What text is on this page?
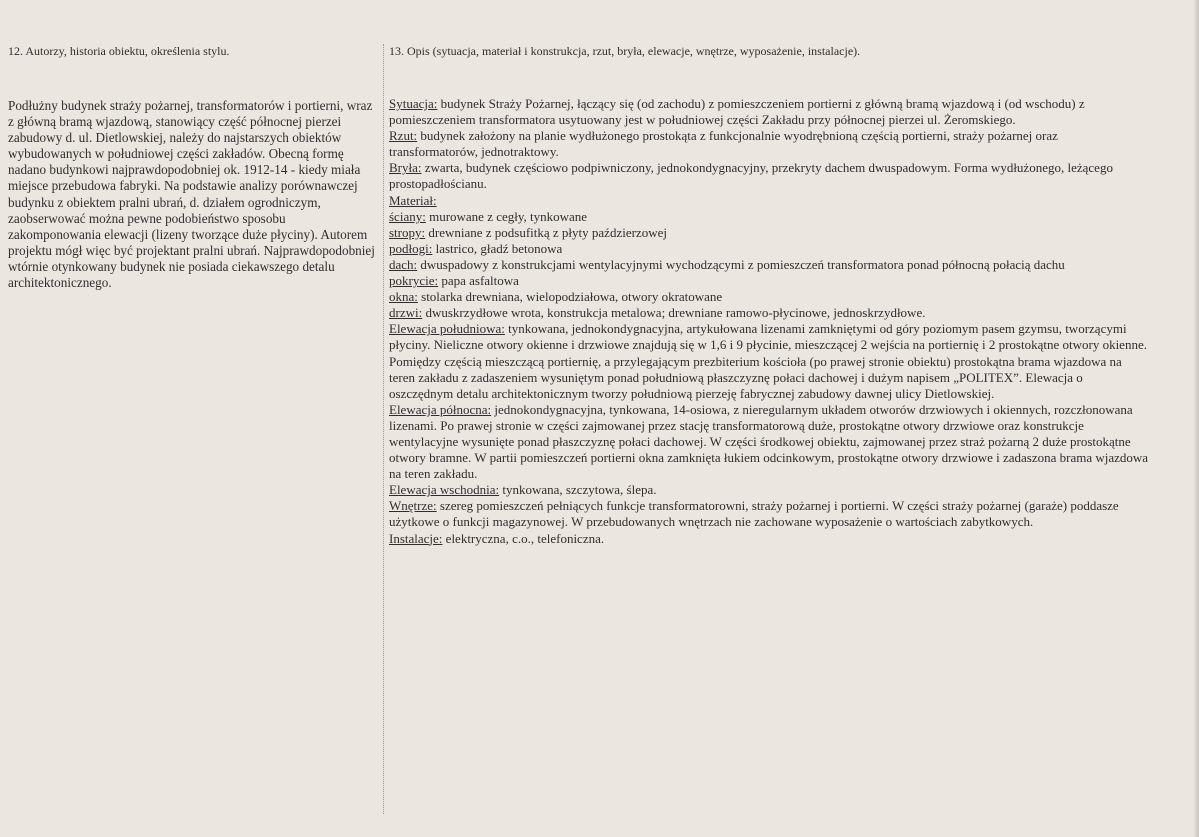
12. Autorzy, historia obiektu, określenia stylu.

Podłużny budynek straży pożarnej, transformatorów i portierni, wraz z główną bramą wjazdową, stanowiący część północnej pierzei zabudowy d. ul. Dietlowskiej, należy do najstarszych obiektów wybudowanych w południowej części zakładów. Obecną formę nadano budynkowi najprawdopodobniej ok. 1912-14 - kiedy miała miejsce przebudowa fabryki. Na podstawie analizy porównawczej budynku z obiektem pralni ubrań, d. działem ogrodniczym, zaobserwować można pewne podobieństwo sposobu zakomponowania elewacji (lizeny tworzące duże płyciny). Autorem projektu mógł więc być projektant pralni ubrań. Najprawdopodobniej wtórnie otynkowany budynek nie posiada ciekawszego detalu architektonicznego.

13. Opis (sytuacja, materiał i konstrukcja, rzut, bryła, elewacje, wnętrze, wyposażenie, instalacje).
Sytuacja: budynek Straży Pożarnej, łączący się (od zachodu) z pomieszczeniem portierni z główną bramą wjazdową i (od wschodu) z pomieszczeniem transformatora usytuowany jest w południowej części Zakładu przy północnej pierzei ul. Żeromskiego.
Rzut: budynek założony na planie wydłużonego prostokąta z funkcjonalnie wyodrębnioną częścią portierni, straży pożarnej oraz transformatorów, jednotraktowy.
Bryła: zwarta, budynek częściowo podpiwniczony, jednokondygnacyjny, przekryty dachem dwuspadowym. Forma wydłużonego, leżącego prostopadłościanu.
Materiał:
ściany: murowane z cegły, tynkowane
stropy: drewniane z podsufitką z płyty paździerzowej
podłogi: lastrico, gładź betonowa
dach: dwuspadowy z konstrukcjami wentylacyjnymi wychodzącymi z pomieszczeń transformatora ponad północną połacią dachu
pokrycie: papa asfaltowa
okna: stolarka drewniana, wielopodziałowa, otwory okratowane
drzwi: dwuskrzydłowe wrota, konstrukcja metalowa; drewniane ramowo-płycinowe, jednoskrzydłowe.
Elewacja południowa: tynkowana, jednokondygnacyjna, artykułowana lizenami zamkniętymi od góry poziomym pasem gzymsu, tworzącymi płyciny. Nieliczne otwory okienne i drzwiowe znajdują się w 1,6 i 9 płycinie, mieszczącej 2 wejścia na portiernię i 2 prostokątne otwory okienne. Pomiędzy częścią mieszczącą portiernię, a przylegającym prezbiterium kościoła (po prawej stronie obiektu) prostokątna brama wjazdowa na teren zakładu z zadaszeniem wysuniętym ponad południową płaszczyznę połaci dachowej i dużym napisem „POLITEX”. Elewacja o oszczędnym detalu architektonicznym tworzy południową pierzeję fabrycznej zabudowy dawnej ulicy Dietlowskiej.
Elewacja północna: jednokondygnacyjna, tynkowana, 14-osiowa, z nieregularnym układem otworów drzwiowych i okiennych, rozczłonowana lizenami. Po prawej stronie w części zajmowanej przez stację transformatorową duże, prostokątne otwory drzwiowe oraz konstrukcje wentylacyjne wysunięte ponad płaszczyznę połaci dachowej. W części środkowej obiektu, zajmowanej przez straż pożarną 2 duże prostokątne otwory bramne. W partii pomieszczeń portierni okna zamknięta łukiem odcinkowym, prostokątne otwory drzwiowe i zadaszona brama wjazdowa na teren zakładu.
Elewacja wschodnia: tynkowana, szczytowa, ślepa.
Wnętrze: szereg pomieszczeń pełniących funkcje transformatorowni, straży pożarnej i portierni. W części straży pożarnej (garaże) poddasze użytkowe o funkcji magazynowej. W przebudowanych wnętrzach nie zachowane wyposażenie o wartościach zabytkowych.
Instalacje: elektryczna, c.o., telefoniczna.
